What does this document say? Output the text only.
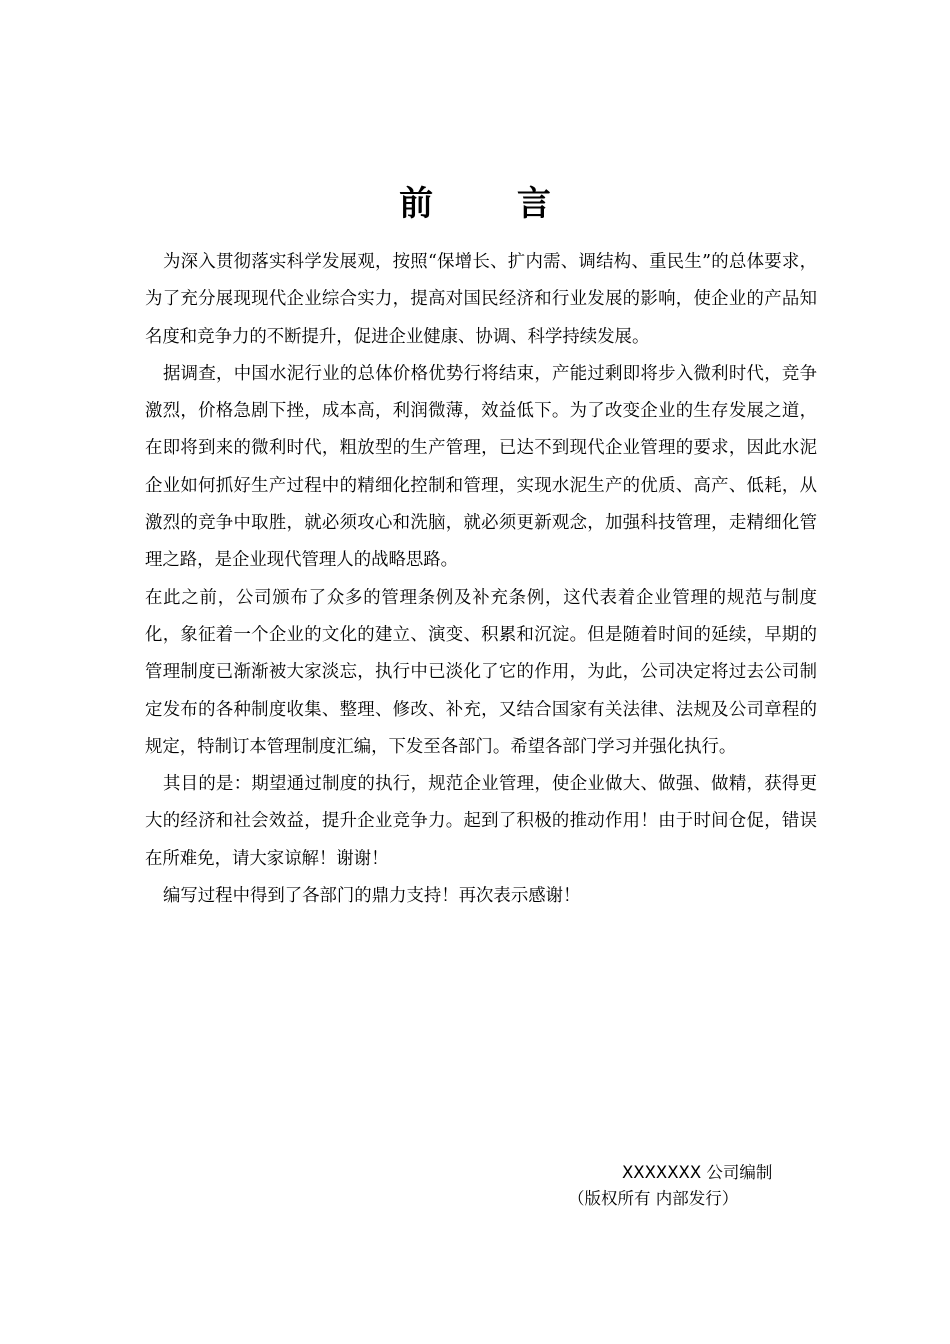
前 言

为深入贯彻落实科学发展观，按照“保增长、扩内需、调结构、重民生”的总体要求，为了充分展现现代企业综合实力，提高对国民经济和行业发展的影响，使企业的产品知名度和竞争力的不断提升，促进企业健康、协调、科学持续发展。

据调查，中国水泥行业的总体价格优势行将结束，产能过剩即将步入微利时代，竞争激烈，价格急剧下挫，成本高，利润微薄，效益低下。为了改变企业的生存发展之道，在即将到来的微利时代，粗放型的生产管理，已达不到现代企业管理的要求，因此水泥企业如何抓好生产过程中的精细化控制和管理，实现水泥生产的优质、高产、低耗，从激烈的竞争中取胜，就必须攻心和洗脑，就必须更新观念，加强科技管理，走精细化管理之路，是企业现代管理人的战略思路。

在此之前，公司颁布了众多的管理条例及补充条例，这代表着企业管理的规范与制度化，象征着一个企业的文化的建立、演变、积累和沉淀。但是随着时间的延续，早期的管理制度已渐渐被大家淡忘，执行中已淡化了它的作用，为此，公司决定将过去公司制定发布的各种制度收集、整理、修改、补充，又结合国家有关法律、法规及公司章程的规定，特制订本管理制度汇编，下发至各部门。希望各部门学习并强化执行。

其目的是：期望通过制度的执行，规范企业管理，使企业做大、做强、做精，获得更大的经济和社会效益，提升企业竞争力。起到了积极的推动作用！由于时间仓促，错误在所难免，请大家谅解！谢谢！

编写过程中得到了各部门的鼎力支持！再次表示感谢！

XXXXXXX 公司编制
（版权所有 内部发行）
